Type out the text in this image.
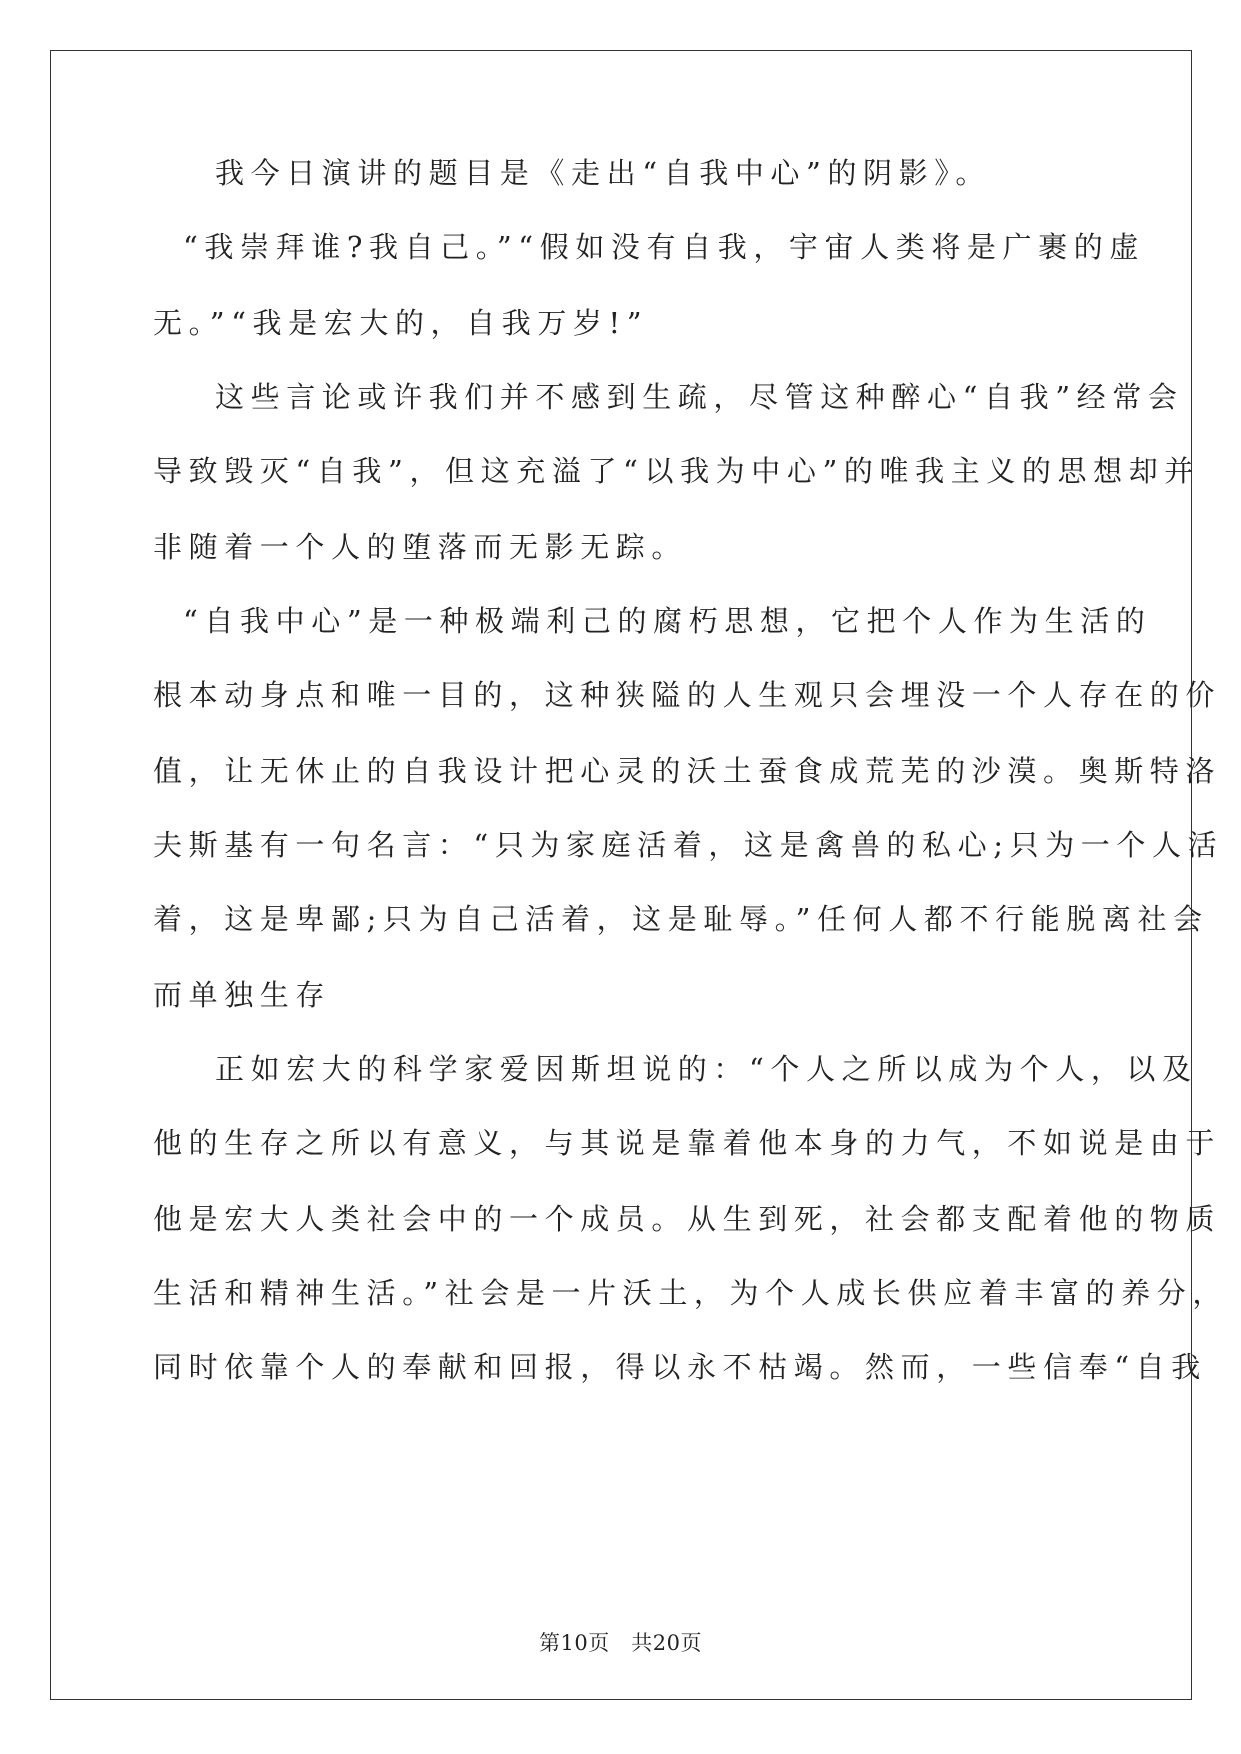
我今日演讲的题目是《走出“自我中心”的阴影》。
“我崇拜谁?我自己。”“假如没有自我，宇宙人类将是广裹的虚
无。”“我是宏大的，自我万岁!”
这些言论或许我们并不感到生疏，尽管这种醉心“自我”经常会
导致毁灭“自我”，但这充溢了“以我为中心”的唯我主义的思想却并
非随着一个人的堕落而无影无踪。
“自我中心”是一种极端利己的腐朽思想，它把个人作为生活的
根本动身点和唯一目的，这种狭隘的人生观只会埋没一个人存在的价
值，让无休止的自我设计把心灵的沃土蚕食成荒芜的沙漠。奥斯特洛
夫斯基有一句名言：“只为家庭活着，这是禽兽的私心;只为一个人活
着，这是卑鄙;只为自己活着，这是耻辱。”任何人都不行能脱离社会
而单独生存
正如宏大的科学家爱因斯坦说的：“个人之所以成为个人，以及
他的生存之所以有意义，与其说是靠着他本身的力气，不如说是由于
他是宏大人类社会中的一个成员。从生到死，社会都支配着他的物质
生活和精神生活。”社会是一片沃土，为个人成长供应着丰富的养分，
同时依靠个人的奉献和回报，得以永不枯竭。然而，一些信奉“自我
第10页 共20页
